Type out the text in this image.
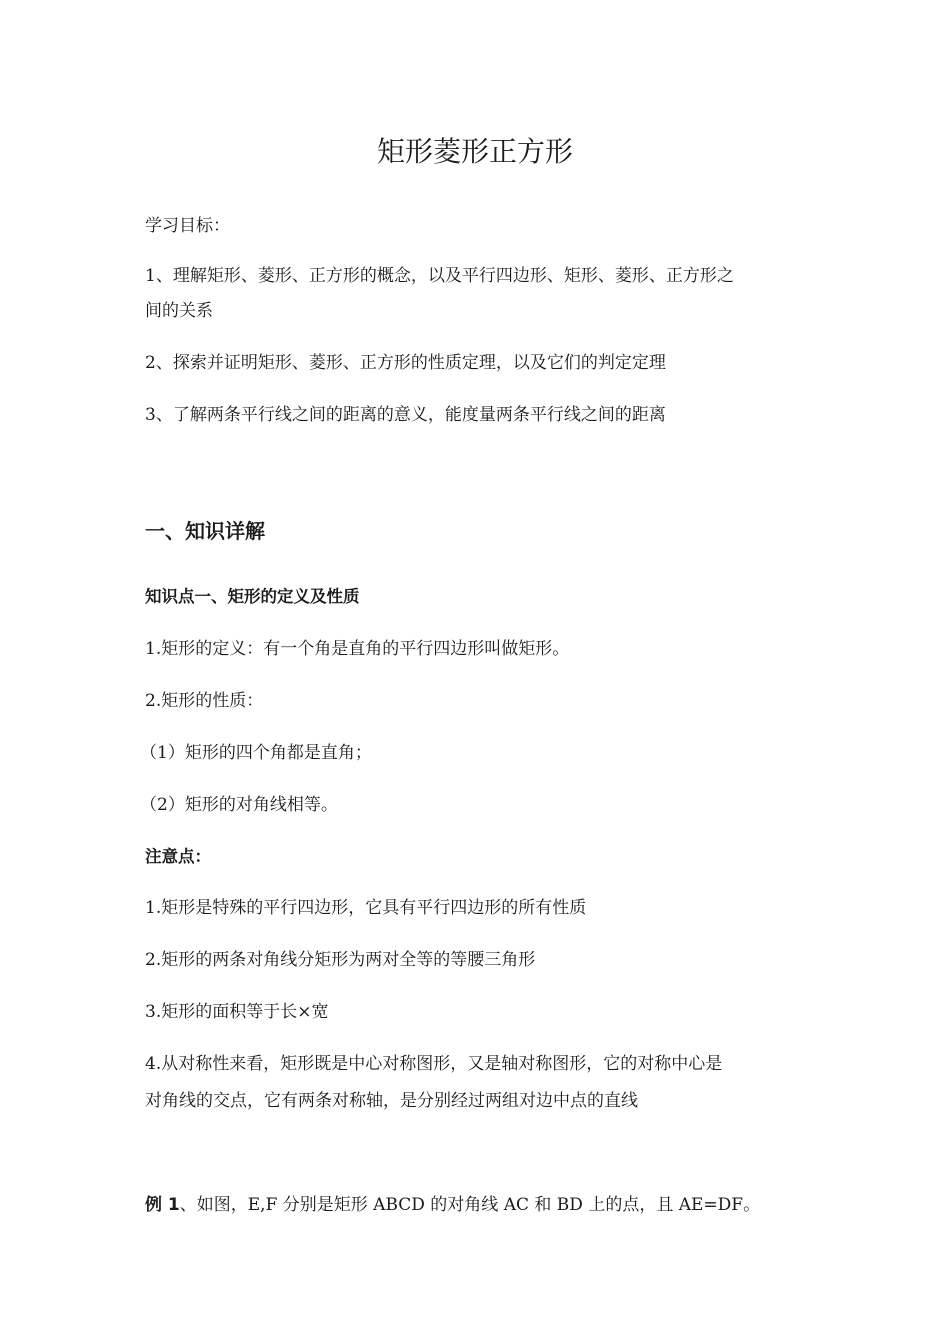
矩形菱形正方形
学习目标：
1、理解矩形、菱形、正方形的概念，以及平行四边形、矩形、菱形、正方形之
间的关系
2、探索并证明矩形、菱形、正方形的性质定理，以及它们的判定定理
3、了解两条平行线之间的距离的意义，能度量两条平行线之间的距离
一、知识详解
知识点一、矩形的定义及性质
1.矩形的定义：有一个角是直角的平行四边形叫做矩形。
2.矩形的性质：
（1）矩形的四个角都是直角；
（2）矩形的对角线相等。
注意点：
1.矩形是特殊的平行四边形，它具有平行四边形的所有性质
2.矩形的两条对角线分矩形为两对全等的等腰三角形
3.矩形的面积等于长×宽
4.从对称性来看，矩形既是中心对称图形，又是轴对称图形，它的对称中心是
对角线的交点，它有两条对称轴，是分别经过两组对边中点的直线
例 1、如图，E,F 分别是矩形 ABCD 的对角线 AC 和 BD 上的点，且 AE=DF。
